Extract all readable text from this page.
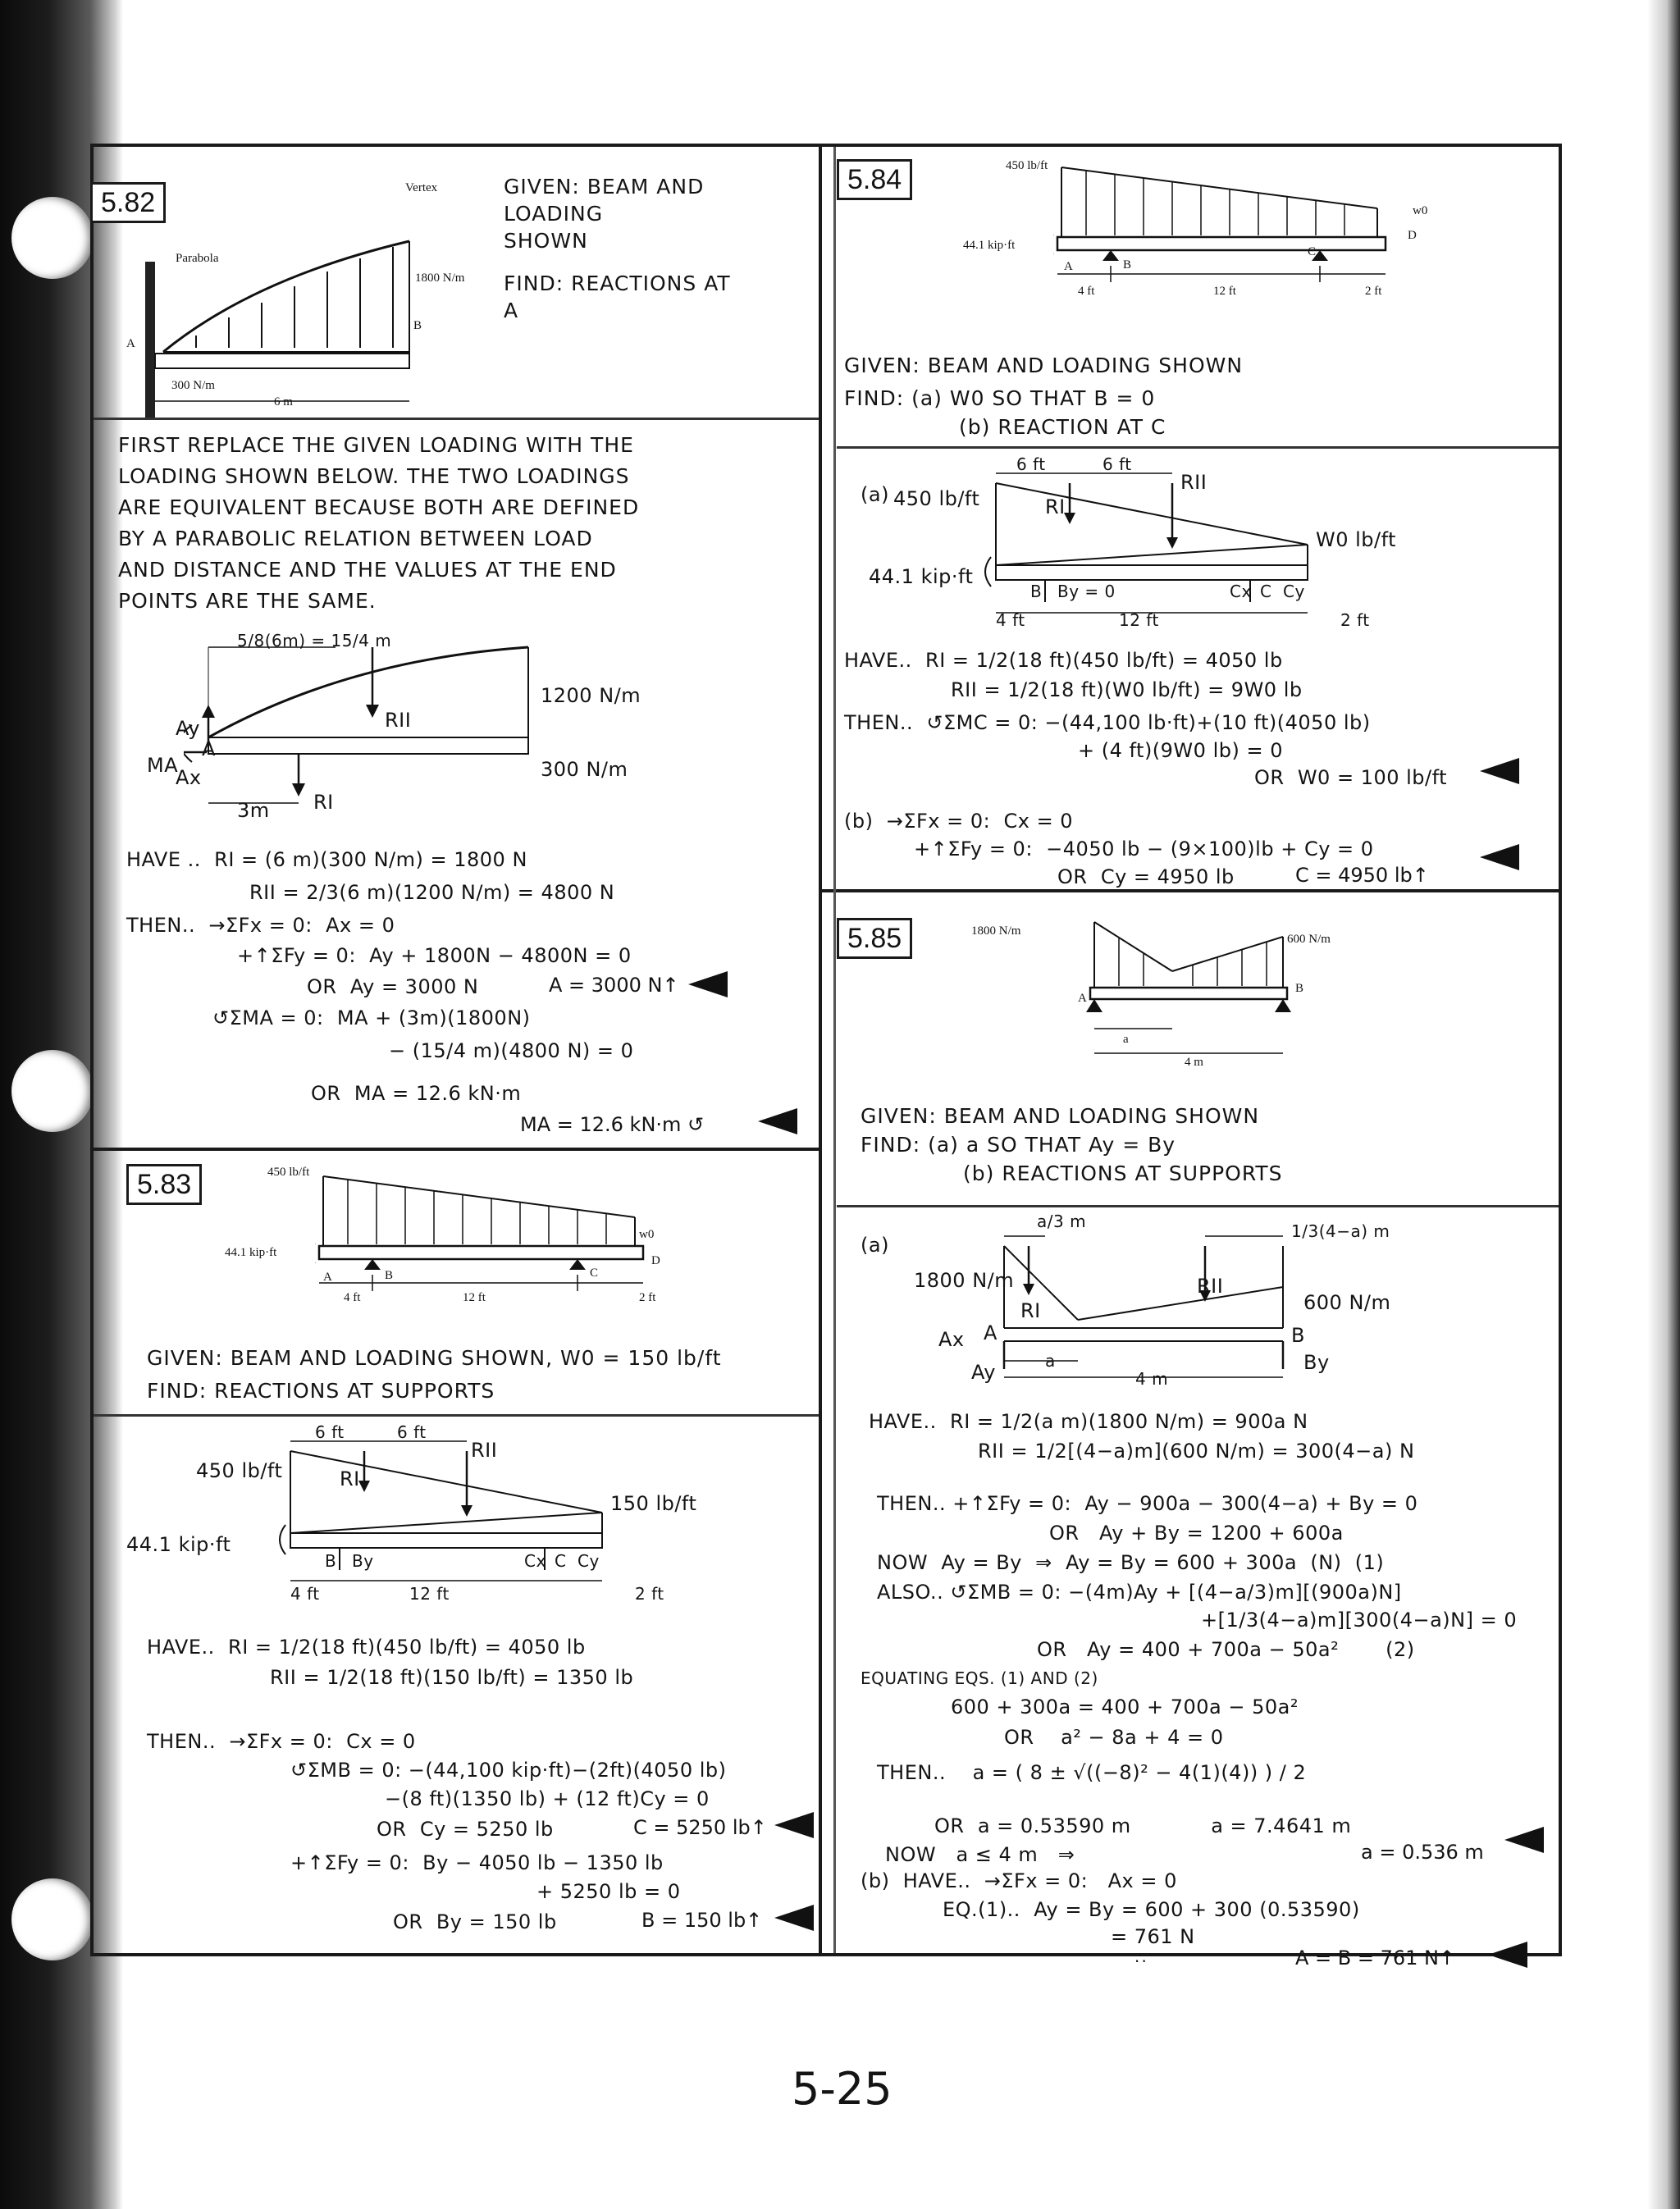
5.82	Vertex
Parabola
1800 N/m
300 N/m
6 m
A
B
GIVEN: BEAM AND
LOADING
SHOWN
FIND: REACTIONS AT
A
FIRST REPLACE THE GIVEN LOADING WITH THE
LOADING SHOWN BELOW. THE TWO LOADINGS
ARE EQUIVALENT BECAUSE BOTH ARE DEFINED
BY A PARABOLIC RELATION BETWEEN LOAD
AND DISTANCE AND THE VALUES AT THE END
POINTS ARE THE SAME.
5/8(6m) = 15/4 m
3m
RII
RI
1200 N/m
300 N/m
Ay
A
MA
Ax
HAVE ..  RI = (6 m)(300 N/m) = 1800 N
RII = 2/3(6 m)(1200 N/m) = 4800 N
THEN..  →ΣFx = 0:  Ax = 0
+↑ΣFy = 0:  Ay + 1800N − 4800N = 0
OR  Ay = 3000 N	A = 3000 N↑
↺ΣMA = 0:  MA + (3m)(1800N)
− (15/4 m)(4800 N) = 0
OR  MA = 12.6 kN·m
MA = 12.6 kN·m ↺
5.83	450 lb/ft
44.1 kip·ft
w0
A	B	C
D
4 ft	12 ft	2 ft
GIVEN: BEAM AND LOADING SHOWN, W0 = 150 lb/ft
FIND: REACTIONS AT SUPPORTS
6 ft	6 ft
RII
RI
450 lb/ft
150 lb/ft
44.1 kip·ft
B By	Cx C Cy
4 ft	12 ft	2 ft
HAVE..  RI = 1/2(18 ft)(450 lb/ft) = 4050 lb
RII = 1/2(18 ft)(150 lb/ft) = 1350 lb
THEN..  →ΣFx = 0:  Cx = 0
↺ΣMB = 0: −(44,100 kip·ft)−(2ft)(4050 lb)
−(8 ft)(1350 lb) + (12 ft)Cy = 0
OR  Cy = 5250 lb	C = 5250 lb↑
+↑ΣFy = 0:  By − 4050 lb − 1350 lb
+ 5250 lb = 0
OR  By = 150 lb	B = 150 lb↑
5.84	450 lb/ft
44.1 kip·ft
w0
A	B
C
D
4 ft	12 ft	2 ft
GIVEN: BEAM AND LOADING SHOWN
FIND: (a) W0 SO THAT B = 0
(b) REACTION AT C
(a)
6 ft	6 ft
RII
RI
450 lb/ft
W0 lb/ft
44.1 kip·ft
B By = 0	Cx C Cy
4 ft	12 ft	2 ft
HAVE..  RI = 1/2(18 ft)(450 lb/ft) = 4050 lb
RII = 1/2(18 ft)(W0 lb/ft) = 9W0 lb
THEN..  ↺ΣMC = 0: −(44,100 lb·ft)+(10 ft)(4050 lb)
+ (4 ft)(9W0 lb) = 0
OR  W0 = 100 lb/ft
(b)  →ΣFx = 0:  Cx = 0
+↑ΣFy = 0:  −4050 lb − (9×100)lb + Cy = 0
OR  Cy = 4950 lb	C = 4950 lb↑
5.85	1800 N/m
600 N/m
A
B
a
4 m
GIVEN: BEAM AND LOADING SHOWN
FIND: (a) a SO THAT Ay = By
(b) REACTIONS AT SUPPORTS
(a)
a/3 m	1/3(4−a) m
1800 N/m
600 N/m
RI
RII
Ax A
Ay
B
By
a
4 m
HAVE..  RI = 1/2(a m)(1800 N/m) = 900a N
RII = 1/2[(4−a)m](600 N/m) = 300(4−a) N
THEN.. +↑ΣFy = 0:  Ay − 900a − 300(4−a) + By = 0
OR   Ay + By = 1200 + 600a
NOW  Ay = By  ⇒  Ay = By = 600 + 300a  (N)  (1)
ALSO.. ↺ΣMB = 0: −(4m)Ay + [(4−a/3)m][(900a)N]
+[1/3(4−a)m][300(4−a)N] = 0
OR   Ay = 400 + 700a − 50a²       (2)
EQUATING EQS. (1) AND (2)
600 + 300a = 400 + 700a − 50a²
OR    a² − 8a + 4 = 0
THEN..    a = ( 8 ± √((−8)² − 4(1)(4)) ) / 2
OR  a = 0.53590 m            a = 7.4641 m
a = 0.536 m
NOW   a ≤ 4 m   ⇒
(b)  HAVE..  →ΣFx = 0:   Ax = 0
EQ.(1)..  Ay = By = 600 + 300 (0.53590)
= 761 N
∴	A = B = 761 N↑
5-25
